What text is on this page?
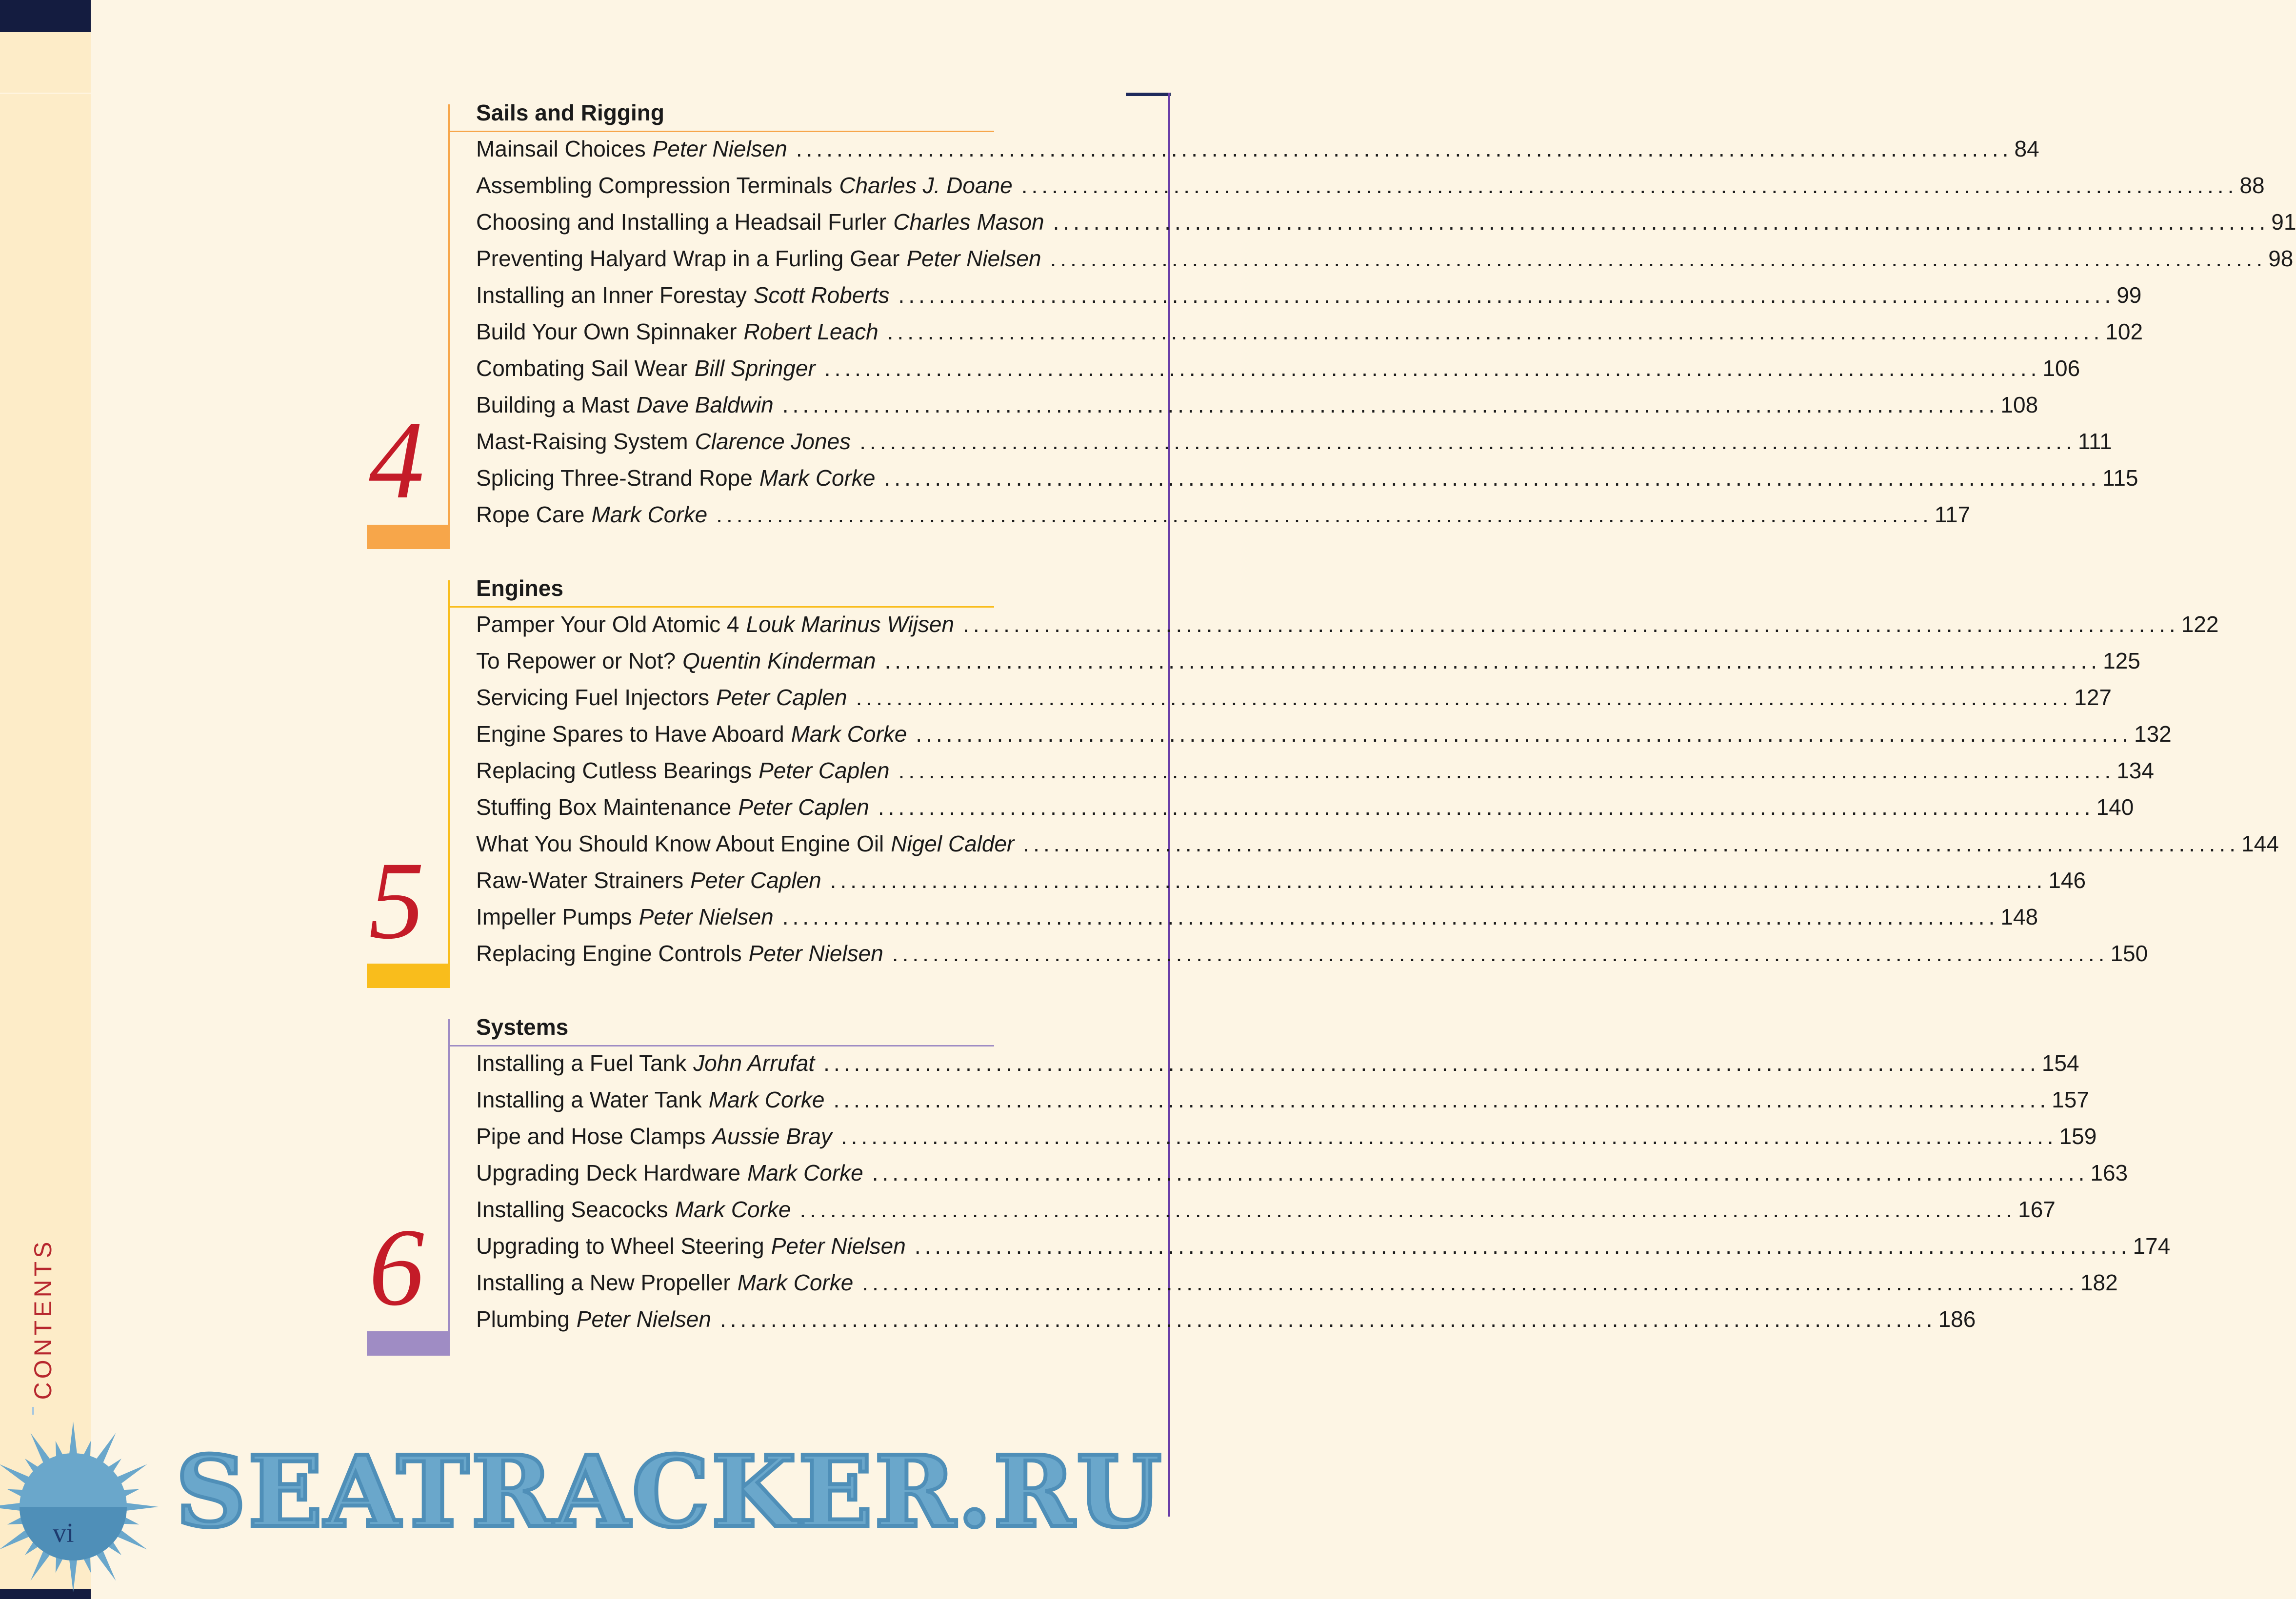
CONTENTS
4
Sails and Rigging
Mainsail Choices Peter Nielsen ........................................................................................................................ 84
Assembling Compression Terminals Charles J. Doane ........................................................................................................................ 88
Choosing and Installing a Headsail Furler Charles Mason ........................................................................................................................ 91
Preventing Halyard Wrap in a Furling Gear Peter Nielsen ........................................................................................................................ 98
Installing an Inner Forestay Scott Roberts ........................................................................................................................ 99
Build Your Own Spinnaker Robert Leach ........................................................................................................................ 102
Combating Sail Wear Bill Springer ........................................................................................................................ 106
Building a Mast Dave Baldwin ........................................................................................................................ 108
Mast-Raising System Clarence Jones ........................................................................................................................ 111
Splicing Three-Strand Rope Mark Corke ........................................................................................................................ 115
Rope Care Mark Corke ........................................................................................................................ 117
5
Engines
Pamper Your Old Atomic 4 Louk Marinus Wijsen ........................................................................................................................ 122
To Repower or Not? Quentin Kinderman ........................................................................................................................ 125
Servicing Fuel Injectors Peter Caplen ........................................................................................................................ 127
Engine Spares to Have Aboard Mark Corke ........................................................................................................................ 132
Replacing Cutless Bearings Peter Caplen ........................................................................................................................ 134
Stuffing Box Maintenance Peter Caplen ........................................................................................................................ 140
What You Should Know About Engine Oil Nigel Calder ........................................................................................................................ 144
Raw-Water Strainers Peter Caplen ........................................................................................................................ 146
Impeller Pumps Peter Nielsen ........................................................................................................................ 148
Replacing Engine Controls Peter Nielsen ........................................................................................................................ 150
6
Systems
Installing a Fuel Tank John Arrufat ........................................................................................................................ 154
Installing a Water Tank Mark Corke ........................................................................................................................ 157
Pipe and Hose Clamps Aussie Bray ........................................................................................................................ 159
Upgrading Deck Hardware Mark Corke ........................................................................................................................ 163
Installing Seacocks Mark Corke ........................................................................................................................ 167
Upgrading to Wheel Steering Peter Nielsen ........................................................................................................................ 174
Installing a New Propeller Mark Corke ........................................................................................................................ 182
Plumbing Peter Nielsen ........................................................................................................................ 186
vi SEATRACKER.RU
